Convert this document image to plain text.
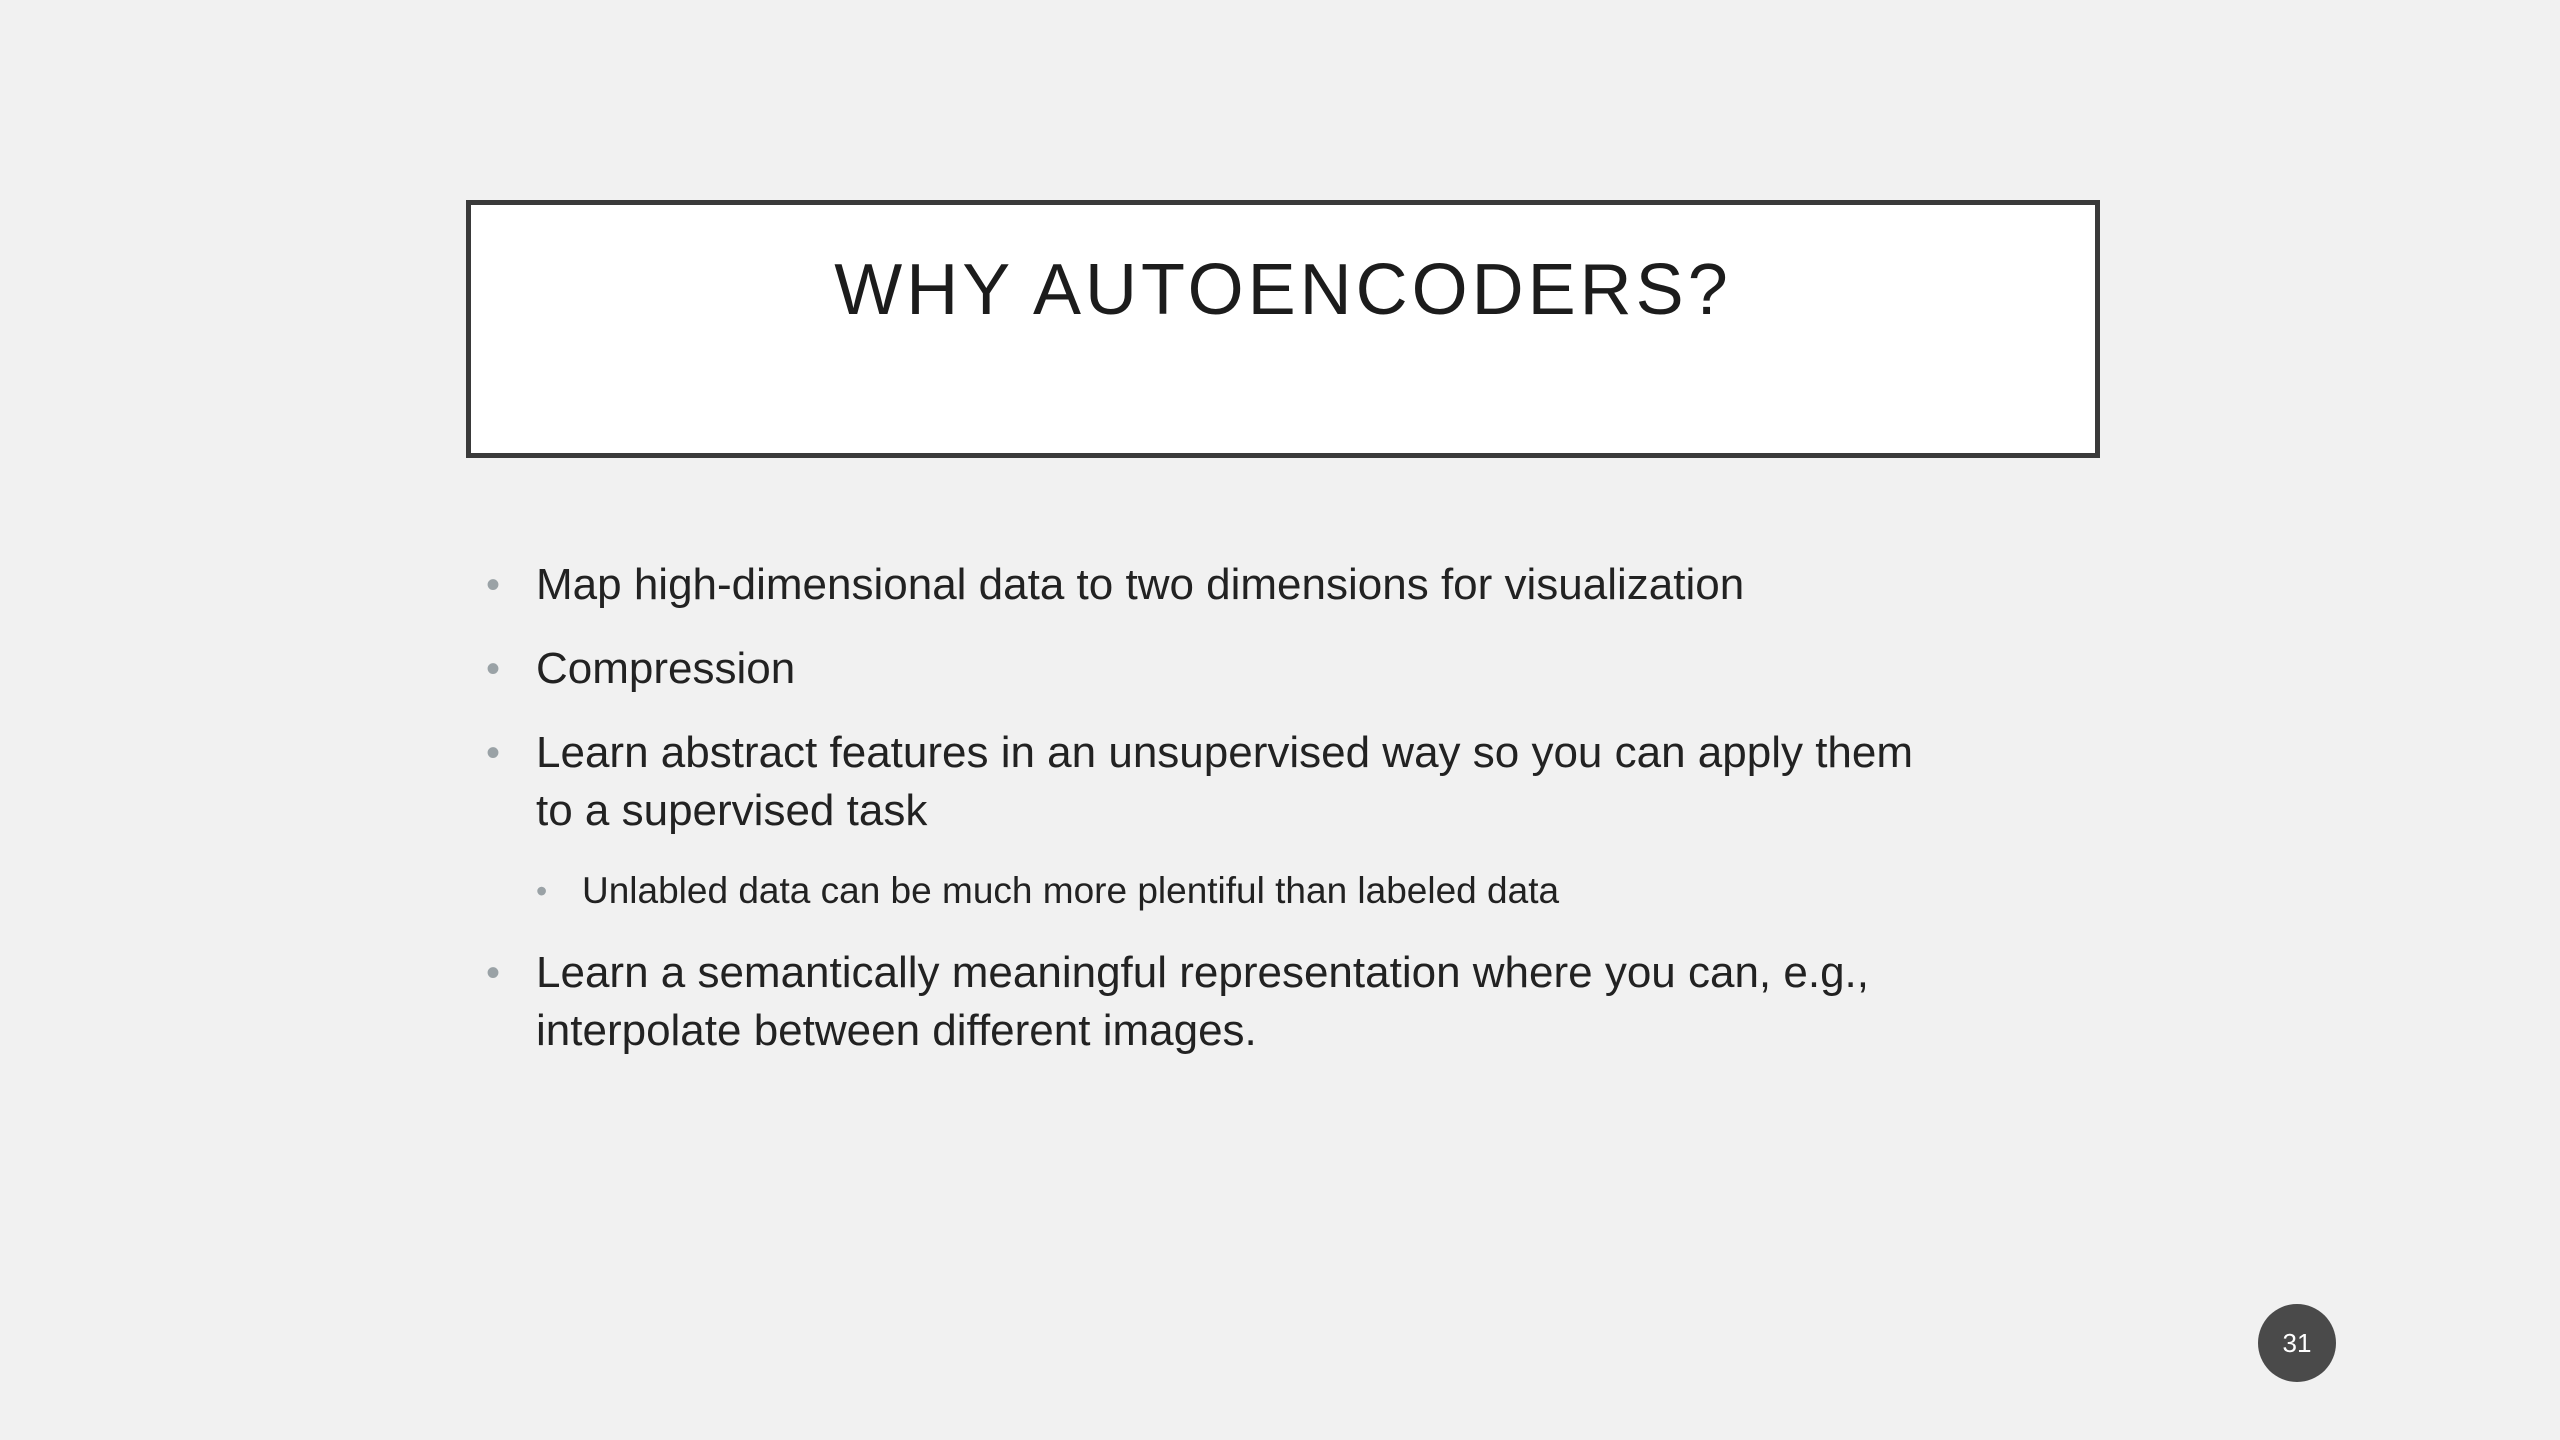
WHY AUTOENCODERS?
• Map high-dimensional data to two dimensions for visualization
• Compression
• Learn abstract features in an unsupervised way so you can apply them to a supervised task
• Unlabled data can be much more plentiful than labeled data
• Learn a semantically meaningful representation where you can, e.g., interpolate between different images.
31
